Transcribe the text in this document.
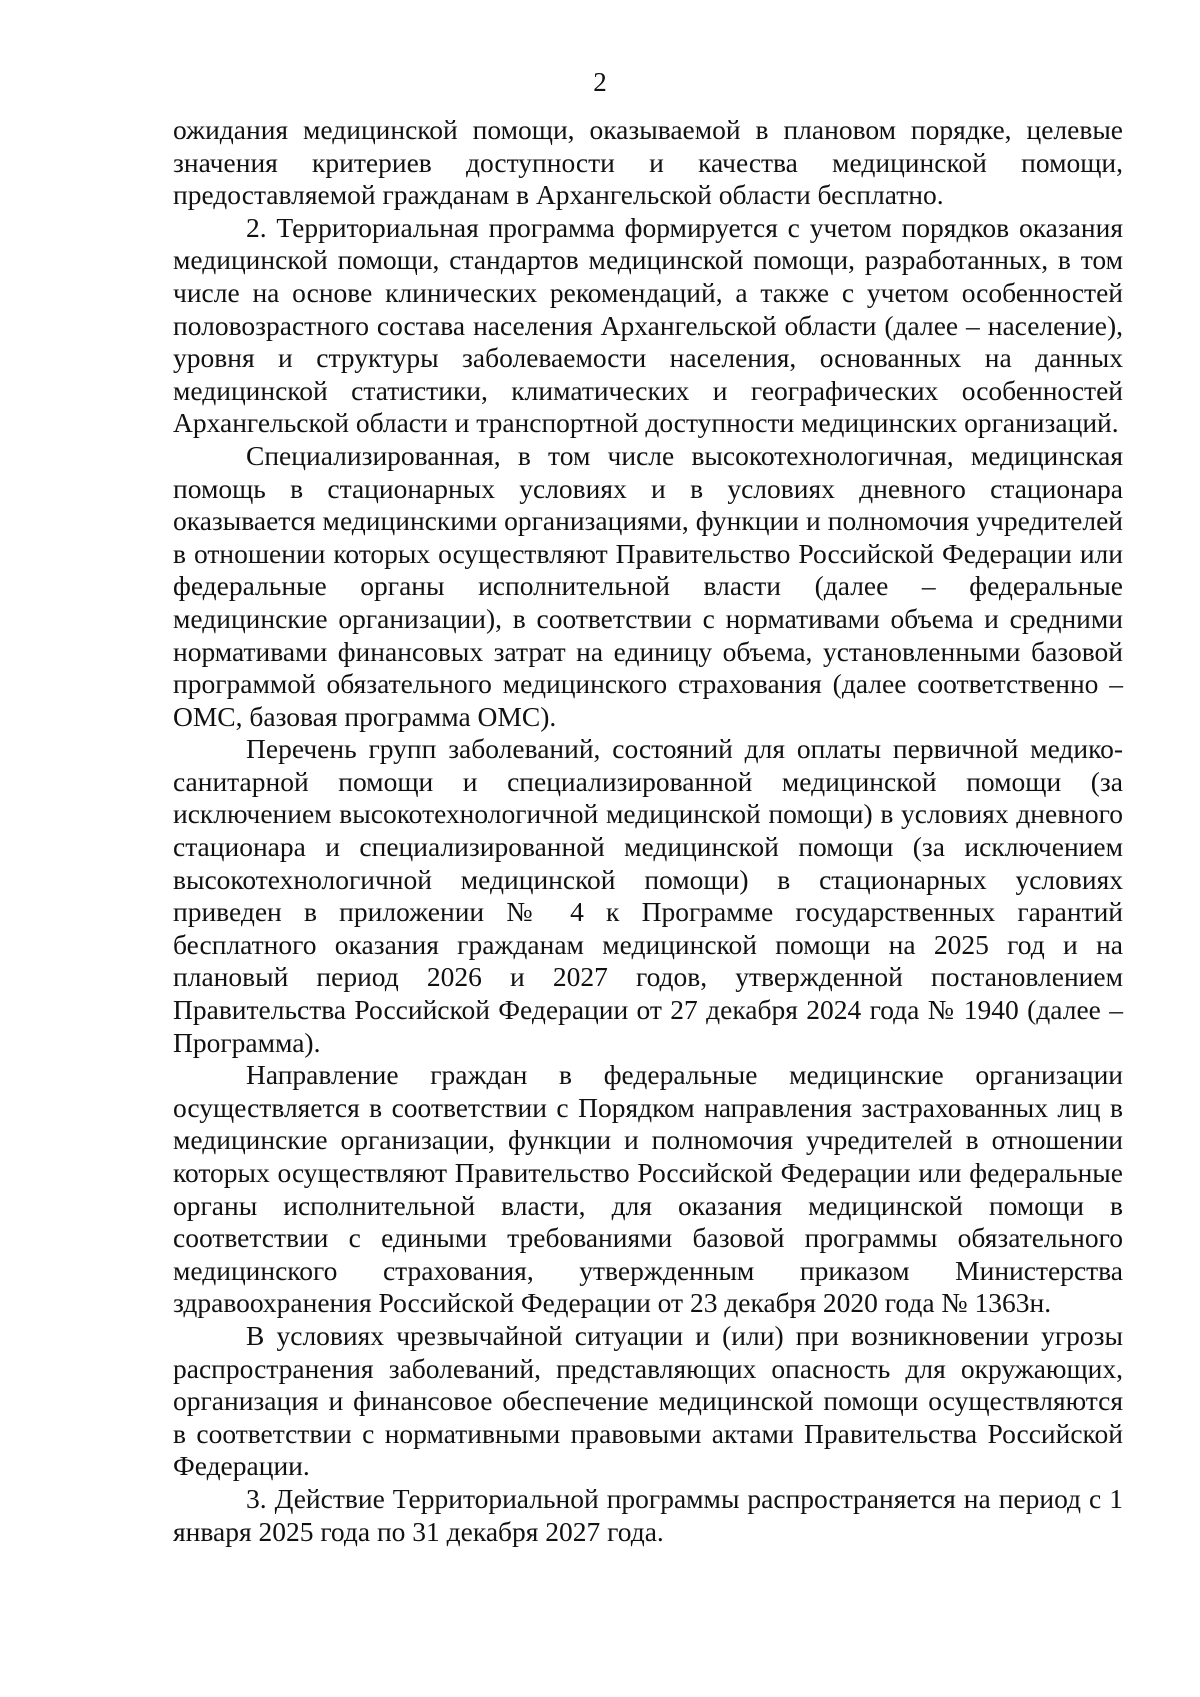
2

ожидания медицинской помощи, оказываемой в плановом порядке, целевые значения критериев доступности и качества медицинской помощи, предоставляемой гражданам в Архангельской области бесплатно.

2. Территориальная программа формируется с учетом порядков оказания медицинской помощи, стандартов медицинской помощи, разработанных, в том числе на основе клинических рекомендаций, а также с учетом особенностей половозрастного состава населения Архангельской области (далее – население), уровня и структуры заболеваемости населения, основанных на данных медицинской статистики, климатических и географических особенностей Архангельской области и транспортной доступности медицинских организаций.

Специализированная, в том числе высокотехнологичная, медицинская помощь в стационарных условиях и в условиях дневного стационара оказывается медицинскими организациями, функции и полномочия учредителей в отношении которых осуществляют Правительство Российской Федерации или федеральные органы исполнительной власти (далее – федеральные медицинские организации), в соответствии с нормативами объема и средними нормативами финансовых затрат на единицу объема, установленными базовой программой обязательного медицинского страхования (далее соответственно – ОМС, базовая программа ОМС).

Перечень групп заболеваний, состояний для оплаты первичной медико-санитарной помощи и специализированной медицинской помощи (за исключением высокотехнологичной медицинской помощи) в условиях дневного стационара и специализированной медицинской помощи (за исключением высокотехнологичной медицинской помощи) в стационарных условиях приведен в приложении № 4 к Программе государственных гарантий бесплатного оказания гражданам медицинской помощи на 2025 год и на плановый период 2026 и 2027 годов, утвержденной постановлением Правительства Российской Федерации от 27 декабря 2024 года № 1940 (далее – Программа).

Направление граждан в федеральные медицинские организации осуществляется в соответствии с Порядком направления застрахованных лиц в медицинские организации, функции и полномочия учредителей в отношении которых осуществляют Правительство Российской Федерации или федеральные органы исполнительной власти, для оказания медицинской помощи в соответствии с едиными требованиями базовой программы обязательного медицинского страхования, утвержденным приказом Министерства здравоохранения Российской Федерации от 23 декабря 2020 года № 1363н.

В условиях чрезвычайной ситуации и (или) при возникновении угрозы распространения заболеваний, представляющих опасность для окружающих, организация и финансовое обеспечение медицинской помощи осуществляются в соответствии с нормативными правовыми актами Правительства Российской Федерации.

3. Действие Территориальной программы распространяется на период с 1 января 2025 года по 31 декабря 2027 года.
